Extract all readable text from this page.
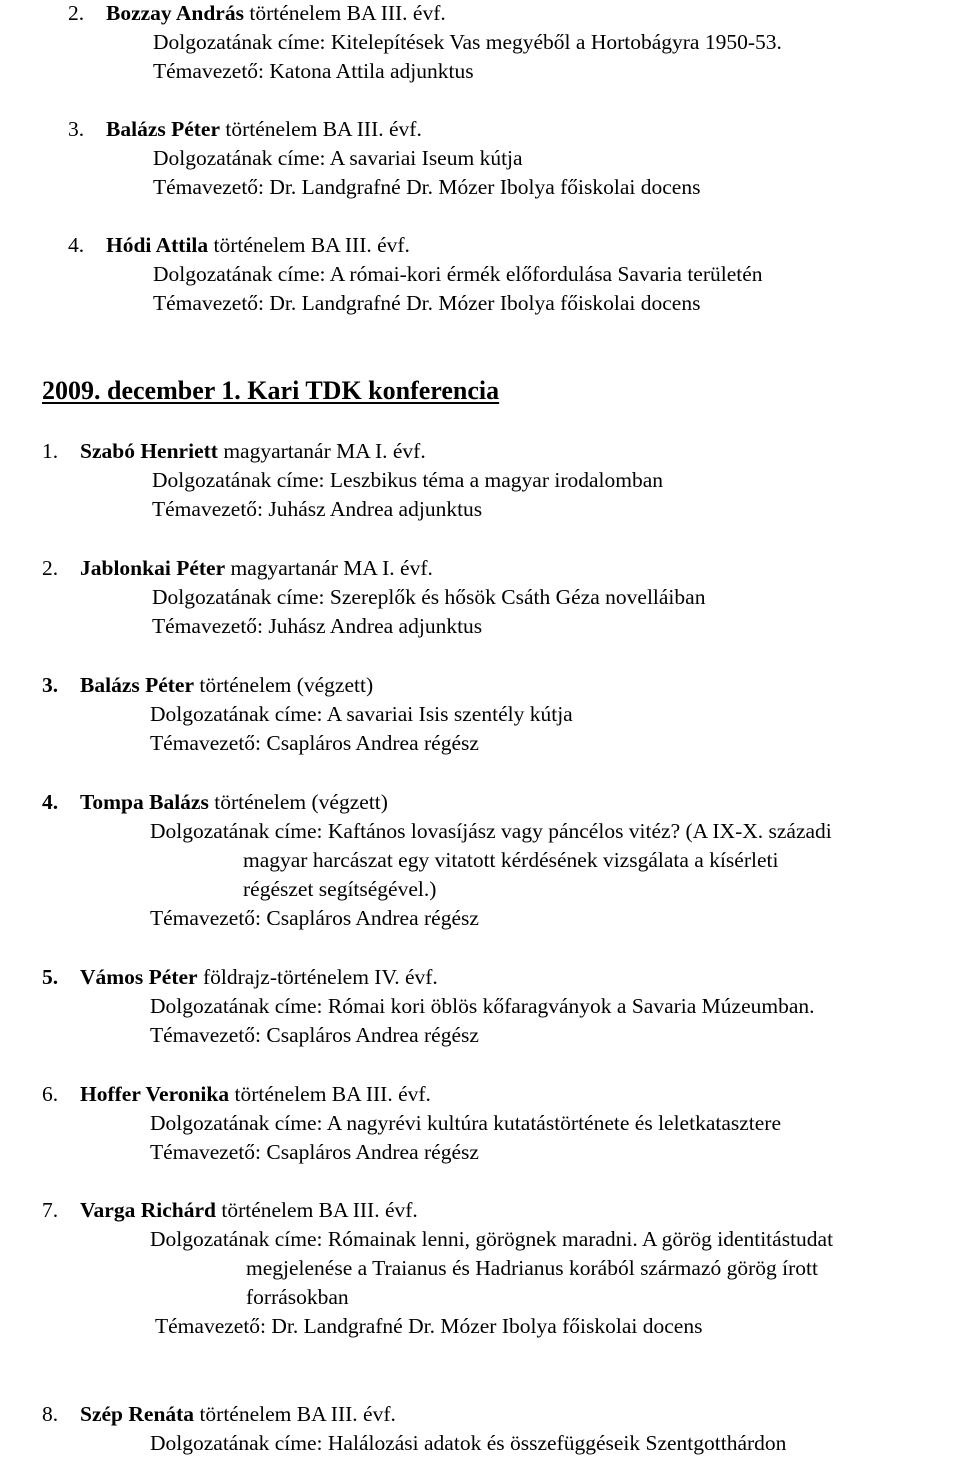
2. Bozzay András történelem BA III. évf.
Dolgozatának címe: Kitelepítések Vas megyéből a Hortobágyra 1950-53.
Témavezető: Katona Attila adjunktus
3. Balázs Péter történelem BA III. évf.
Dolgozatának címe: A savariai Iseum kútja
Témavezető: Dr. Landgrafné Dr. Mózer Ibolya főiskolai docens
4. Hódi Attila történelem BA III. évf.
Dolgozatának címe: A római-kori érmék előfordulása Savaria területén
Témavezető: Dr. Landgrafné Dr. Mózer Ibolya főiskolai docens
2009. december 1. Kari TDK konferencia
1. Szabó Henriett magyartanár MA I. évf.
Dolgozatának címe: Leszbikus téma a magyar irodalomban
Témavezető: Juhász Andrea adjunktus
2. Jablonkai Péter magyartanár MA I. évf.
Dolgozatának címe: Szereplők és hősök Csáth Géza novelláiban
Témavezető: Juhász Andrea adjunktus
3. Balázs Péter történelem (végzett)
Dolgozatának címe: A savariai Isis szentély kútja
Témavezető: Csapláros Andrea régész
4. Tompa Balázs történelem (végzett)
Dolgozatának címe: Kaftános lovasíjász vagy páncélos vitéz? (A IX-X. századi
magyar harcászat egy vitatott kérdésének vizsgálata a kísérleti
régészet segítségével.)
Témavezető: Csapláros Andrea régész
5. Vámos Péter földrajz-történelem IV. évf.
Dolgozatának címe: Római kori öblös kőfaragványok a Savaria Múzeumban.
Témavezető: Csapláros Andrea régész
6. Hoffer Veronika történelem BA III. évf.
Dolgozatának címe: A nagyrévi kultúra kutatástörténete és leletkatasztere
Témavezető: Csapláros Andrea régész
7. Varga Richárd történelem BA III. évf.
Dolgozatának címe: Rómainak lenni, görögnek maradni. A görög identitástudat
megjelenése a Traianus és Hadrianus korából származó görög írott
forrásokban
Témavezető: Dr. Landgrafné Dr. Mózer Ibolya főiskolai docens
8. Szép Renáta történelem BA III. évf.
Dolgozatának címe: Halálozási adatok és összefüggéseik Szentgotthárdon
